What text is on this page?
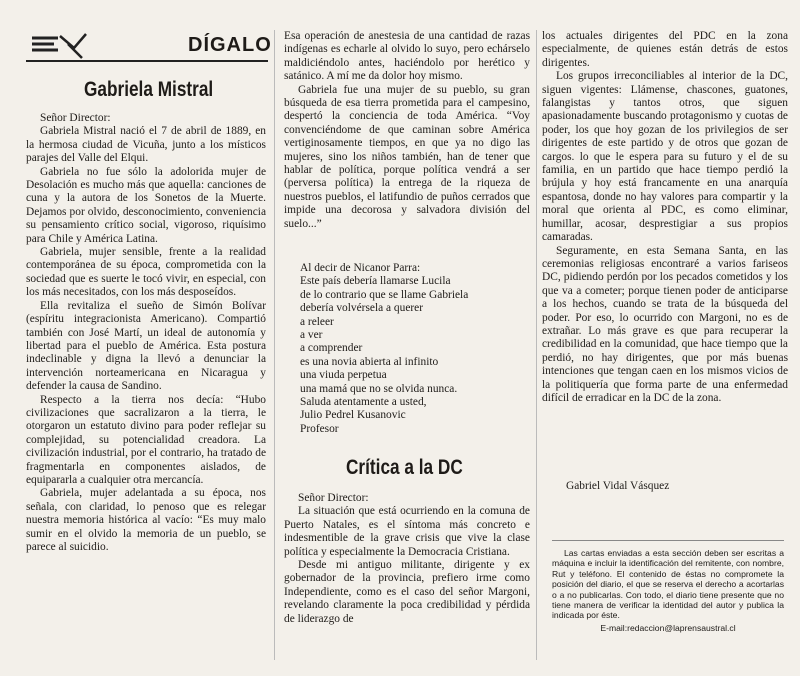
DÍGALO
Gabriela Mistral

Señor Director:

Gabriela Mistral nació el 7 de abril de 1889, en la hermosa ciudad de Vicuña, junto a los místicos parajes del Valle del Elqui.

Gabriela no fue sólo la adolorida mujer de Desolación es mucho más que aquella: canciones de cuna y la autora de los Sonetos de la Muerte. Dejamos por olvido, desconocimiento, conveniencia su pensamiento crítico social, vigoroso, riquísimo para Chile y América Latina.

Gabriela, mujer sensible, frente a la realidad contemporánea de su época, comprometida con la sociedad que es suerte le tocó vivir, en especial, con los más necesitados, con los más desposeídos.

Ella revitaliza el sueño de Simón Bolívar (espíritu integracionista Americano). Compartió también con José Martí, un ideal de autonomía y libertad para el pueblo de América. Esta postura indeclinable y digna la llevó a denunciar la intervención norteamericana en Nicaragua y defender la causa de Sandino.

Respecto a la tierra nos decía: “Hubo civilizaciones que sacralizaron a la tierra, le otorgaron un estatuto divino para poder reflejar su complejidad, su potencialidad creadora. La civilización industrial, por el contrario, ha tratado de fragmentarla en componentes aislados, de equipararla a cualquier otra mercancía.

Gabriela, mujer adelantada a su época, nos señala, con claridad, lo penoso que es relegar nuestra memoria histórica al vacío: “Es muy malo sumir en el olvido la memoria de un pueblo, se parece al suicidio.

Esa operación de anestesia de una cantidad de razas indígenas es echarle al olvido lo suyo, pero echárselo maldiciéndolo antes, haciéndolo por herético y satánico. A mí me da dolor hoy mismo.

Gabriela fue una mujer de su pueblo, su gran búsqueda de esa tierra prometida para el campesino, despertó la conciencia de toda América. “Voy convenciéndome de que caminan sobre América vertiginosamente tiempos, en que ya no digo las mujeres, sino los niños también, han de tener que hablar de política, porque política vendrá a ser (perversa política) la entrega de la riqueza de nuestros pueblos, el latifundio de puños cerrados que impide una decorosa y salvadora división del suelo...”

Al decir de Nicanor Parra:
Este país debería llamarse Lucila
de lo contrario que se llame Gabriela
debería volvérsela a querer
a releer
a ver
a comprender
es una novia abierta al infinito
una viuda perpetua
una mamá que no se olvida nunca.
Saluda atentamente a usted,
Julio Pedrel Kusanovic
Profesor
Crítica a la DC

Señor Director:

La situación que está ocurriendo en la comuna de Puerto Natales, es el síntoma más concreto e indesmentible de la grave crisis que vive la clase política y especialmente la Democracia Cristiana.

Desde mi antiguo militante, dirigente y ex gobernador de la provincia, prefiero irme como Independiente, como es el caso del señor Margoni, revelando claramente la poca credibilidad y pérdida de liderazgo de

los actuales dirigentes del PDC en la zona especialmente, de quienes están detrás de estos dirigentes.

Los grupos irreconciliables al interior de la DC, siguen vigentes: Llámense, chascones, guatones, falangistas y tantos otros, que siguen apasionadamente buscando protagonismo y cuotas de poder, los que hoy gozan de los privilegios de ser dirigentes de este partido y de otros que gozan de cargos. lo que le espera para su futuro y el de su familia, en un partido que hace tiempo perdió la brújula y hoy está francamente en una anarquía espantosa, donde no hay valores para compartir y la moral que orienta al PDC, es como eliminar, humillar, acosar, desprestigiar a sus propios camaradas.

Seguramente, en esta Semana Santa, en las ceremonias religiosas encontraré a varios fariseos DC, pidiendo perdón por los pecados cometidos y los que va a cometer; porque tienen poder de anticiparse a los hechos, cuando se trata de la búsqueda del poder. Por eso, lo ocurrido con Margoni, no es de extrañar. Lo más grave es que para recuperar la credibilidad en la comunidad, que hace tiempo que la perdió, no hay dirigentes, que por más buenas intenciones que tengan caen en los mismos vicios de la politiquería que forma parte de una enfermedad difícil de erradicar en la DC de la zona.

Gabriel Vidal Vásquez
Las cartas enviadas a esta sección deben ser escritas a máquina e incluir la identificación del remitente, con nombre, Rut y teléfono. El contenido de éstas no compromete la posición del diario, el que se reserva el derecho a acortarlas o a no publicarlas. Con todo, el diario tiene presente que no tiene manera de verificar la identidad del autor y publica la indicada por éste.
E-mail:redaccion@laprensaustral.cl
